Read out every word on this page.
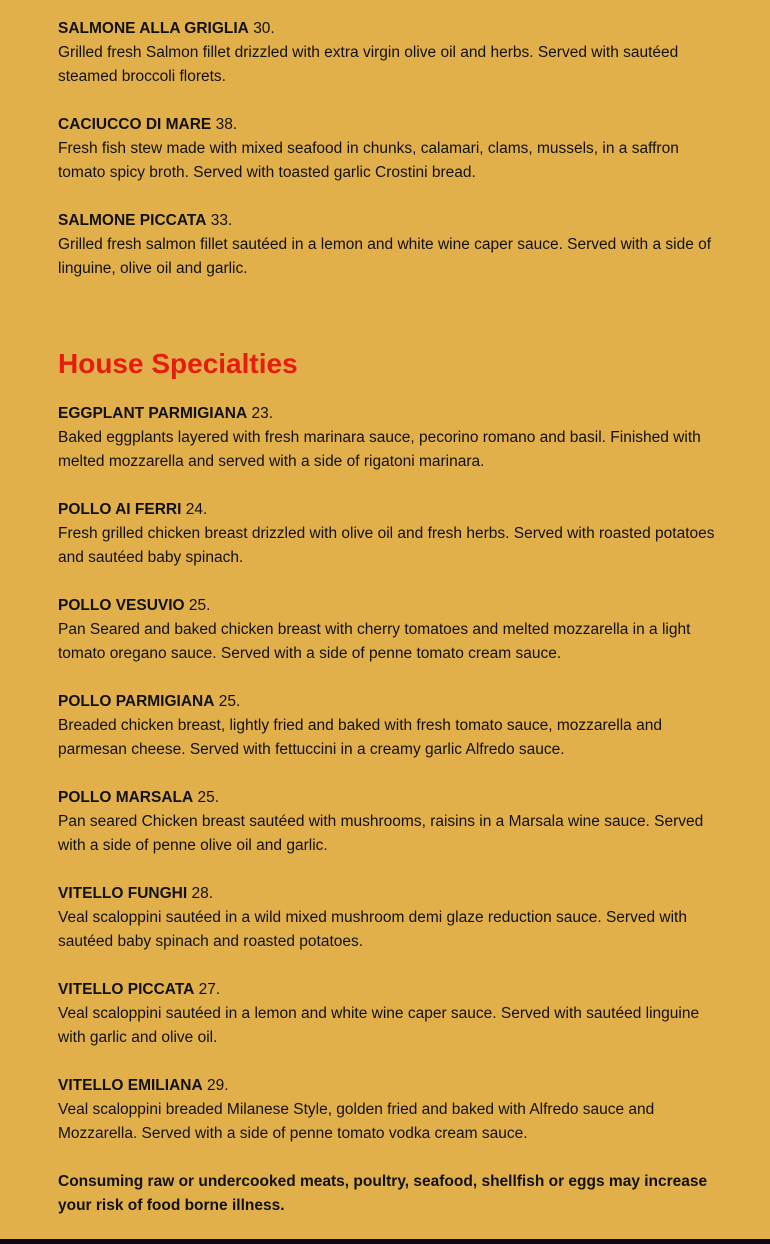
SALMONE ALLA GRIGLIA 30.
Grilled fresh Salmon fillet drizzled with extra virgin olive oil and herbs. Served with sautéed steamed broccoli florets.
CACIUCCO DI MARE 38.
Fresh fish stew made with mixed seafood in chunks, calamari, clams, mussels, in a saffron tomato spicy broth. Served with toasted garlic Crostini bread.
SALMONE PICCATA 33.
Grilled fresh salmon fillet sautéed in a lemon and white wine caper sauce. Served with a side of linguine, olive oil and garlic.
House Specialties
EGGPLANT PARMIGIANA 23.
Baked eggplants layered with fresh marinara sauce, pecorino romano and basil. Finished with melted mozzarella and served with a side of rigatoni marinara.
POLLO AI FERRI 24.
Fresh grilled chicken breast drizzled with olive oil and fresh herbs. Served with roasted potatoes and sautéed baby spinach.
POLLO VESUVIO 25.
Pan Seared and baked chicken breast with cherry tomatoes and melted mozzarella in a light tomato oregano sauce. Served with a side of penne tomato cream sauce.
POLLO PARMIGIANA 25.
Breaded chicken breast, lightly fried and baked with fresh tomato sauce, mozzarella and parmesan cheese. Served with fettuccini in a creamy garlic Alfredo sauce.
POLLO MARSALA 25.
Pan seared Chicken breast sautéed with mushrooms, raisins in a Marsala wine sauce. Served with a side of penne olive oil and garlic.
VITELLO FUNGHI 28.
Veal scaloppini sautéed in a wild mixed mushroom demi glaze reduction sauce. Served with sautéed baby spinach and roasted potatoes.
VITELLO PICCATA 27.
Veal scaloppini sautéed in a lemon and white wine caper sauce. Served with sautéed linguine with garlic and olive oil.
VITELLO EMILIANA 29.
Veal scaloppini breaded Milanese Style, golden fried and baked with Alfredo sauce and Mozzarella. Served with a side of penne tomato vodka cream sauce.
Consuming raw or undercooked meats, poultry, seafood, shellfish or eggs may increase your risk of food borne illness.
